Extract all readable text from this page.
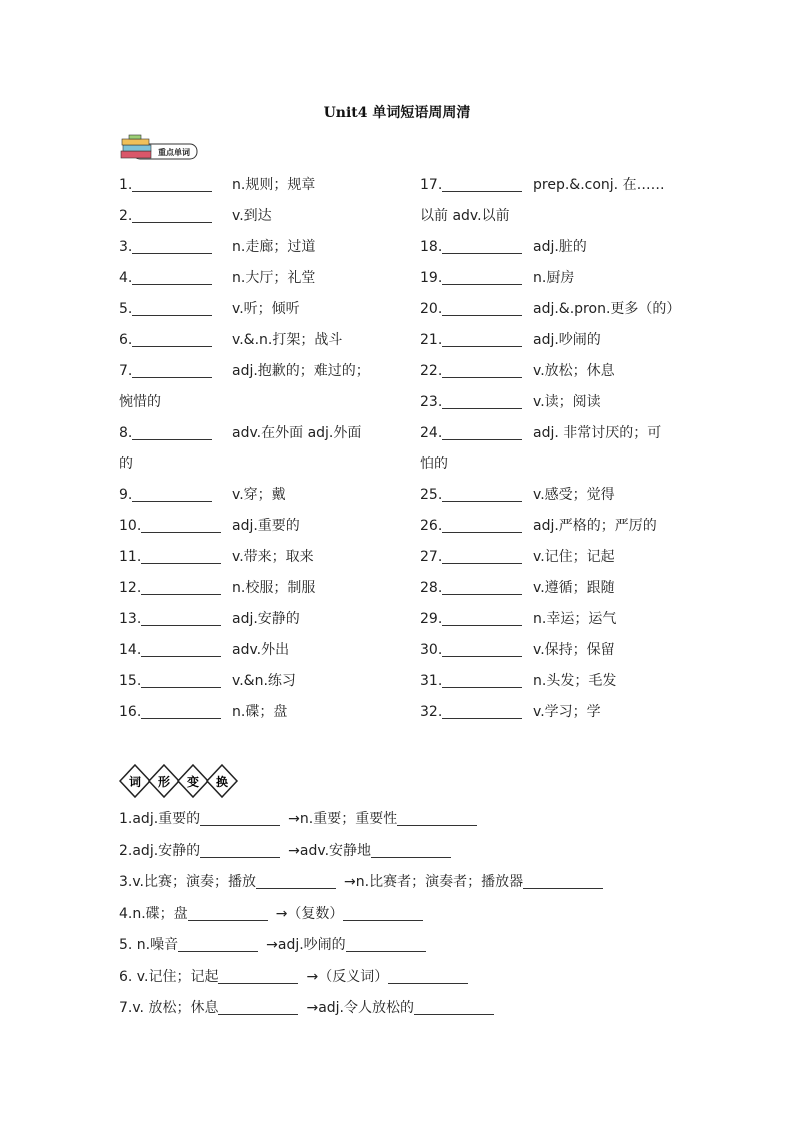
Unit4 单词短语周周清
重点单词
1.	n.规则；规章
2.	v.到达
3.	n.走廊；过道
4.	n.大厅；礼堂
5.	v.听；倾听
6.	v.&.n.打架；战斗
7.	adj.抱歉的；难过的；
惋惜的
8.	adv.在外面 adj.外面
的
9.	v.穿；戴
10.	adj.重要的
11.	v.带来；取来
12.	n.校服；制服
13.	adj.安静的
14.	adv.外出
15.	v.&n.练习
16.	n.碟；盘
17.	prep.&.conj. 在……
以前 adv.以前
18.	adj.脏的
19.	n.厨房
20.	adj.&.pron.更多（的）
21.	adj.吵闹的
22.	v.放松；休息
23.	v.读；阅读
24.	adj. 非常讨厌的；可
怕的
25.	v.感受；觉得
26.	adj.严格的；严厉的
27.	v.记住；记起
28.	v.遵循；跟随
29.	n.幸运；运气
30.	v.保持；保留
31.	n.头发；毛发
32.	v.学习；学
词 形 变 换
1.adj.重要的	→n.重要；重要性
2.adj.安静的	→adv.安静地
3.v.比赛；演奏；播放	→n.比赛者；演奏者；播放器
4.n.碟；盘	→（复数）
5. n.噪音	→adj.吵闹的
6. v.记住；记起	→（反义词）
7.v. 放松；休息	→adj.令人放松的
